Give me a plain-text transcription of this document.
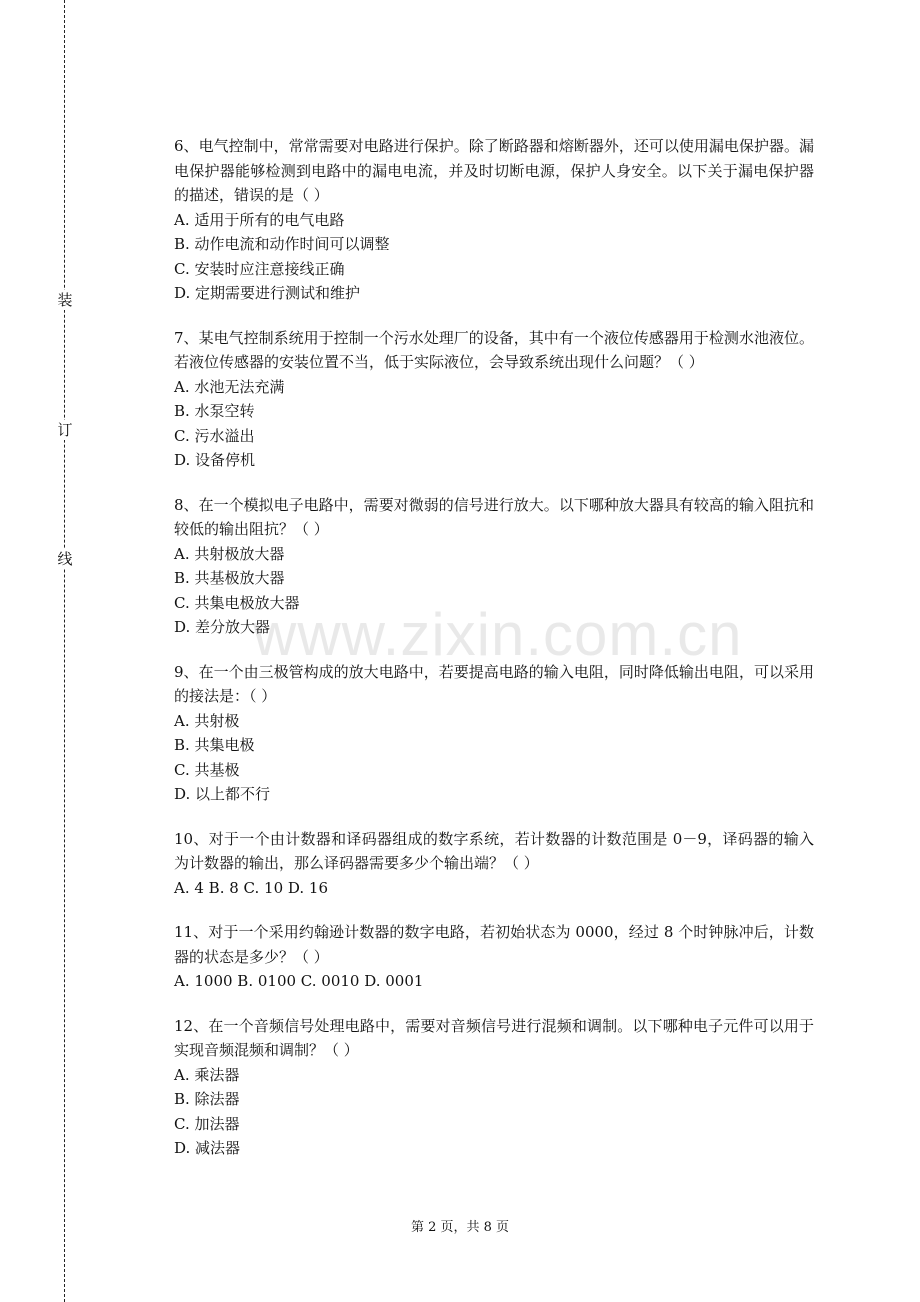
装
订
线
www.zixin.com.cn

6、电气控制中，常常需要对电路进行保护。除了断路器和熔断器外，还可以使用漏电保护器。漏电保护器能够检测到电路中的漏电电流，并及时切断电源，保护人身安全。以下关于漏电保护器的描述，错误的是（ ）

A. 适用于所有的电气电路

B. 动作电流和动作时间可以调整

C. 安装时应注意接线正确

D. 定期需要进行测试和维护

7、某电气控制系统用于控制一个污水处理厂的设备，其中有一个液位传感器用于检测水池液位。若液位传感器的安装位置不当，低于实际液位，会导致系统出现什么问题？（ ）

A. 水池无法充满

B. 水泵空转

C. 污水溢出

D. 设备停机

8、在一个模拟电子电路中，需要对微弱的信号进行放大。以下哪种放大器具有较高的输入阻抗和较低的输出阻抗？（ ）

A. 共射极放大器

B. 共基极放大器

C. 共集电极放大器

D. 差分放大器

9、在一个由三极管构成的放大电路中，若要提高电路的输入电阻，同时降低输出电阻，可以采用的接法是：（ ）

A. 共射极

B. 共集电极

C. 共基极

D. 以上都不行

10、对于一个由计数器和译码器组成的数字系统，若计数器的计数范围是 0－9，译码器的输入为计数器的输出，那么译码器需要多少个输出端？（ ）

A. 4 B. 8 C. 10 D. 16

11、对于一个采用约翰逊计数器的数字电路，若初始状态为 0000，经过 8 个时钟脉冲后，计数器的状态是多少？（ ）

A. 1000 B. 0100 C. 0010 D. 0001

12、在一个音频信号处理电路中，需要对音频信号进行混频和调制。以下哪种电子元件可以用于实现音频混频和调制？（ ）

A. 乘法器

B. 除法器

C. 加法器

D. 减法器

第 2 页，共 8 页
